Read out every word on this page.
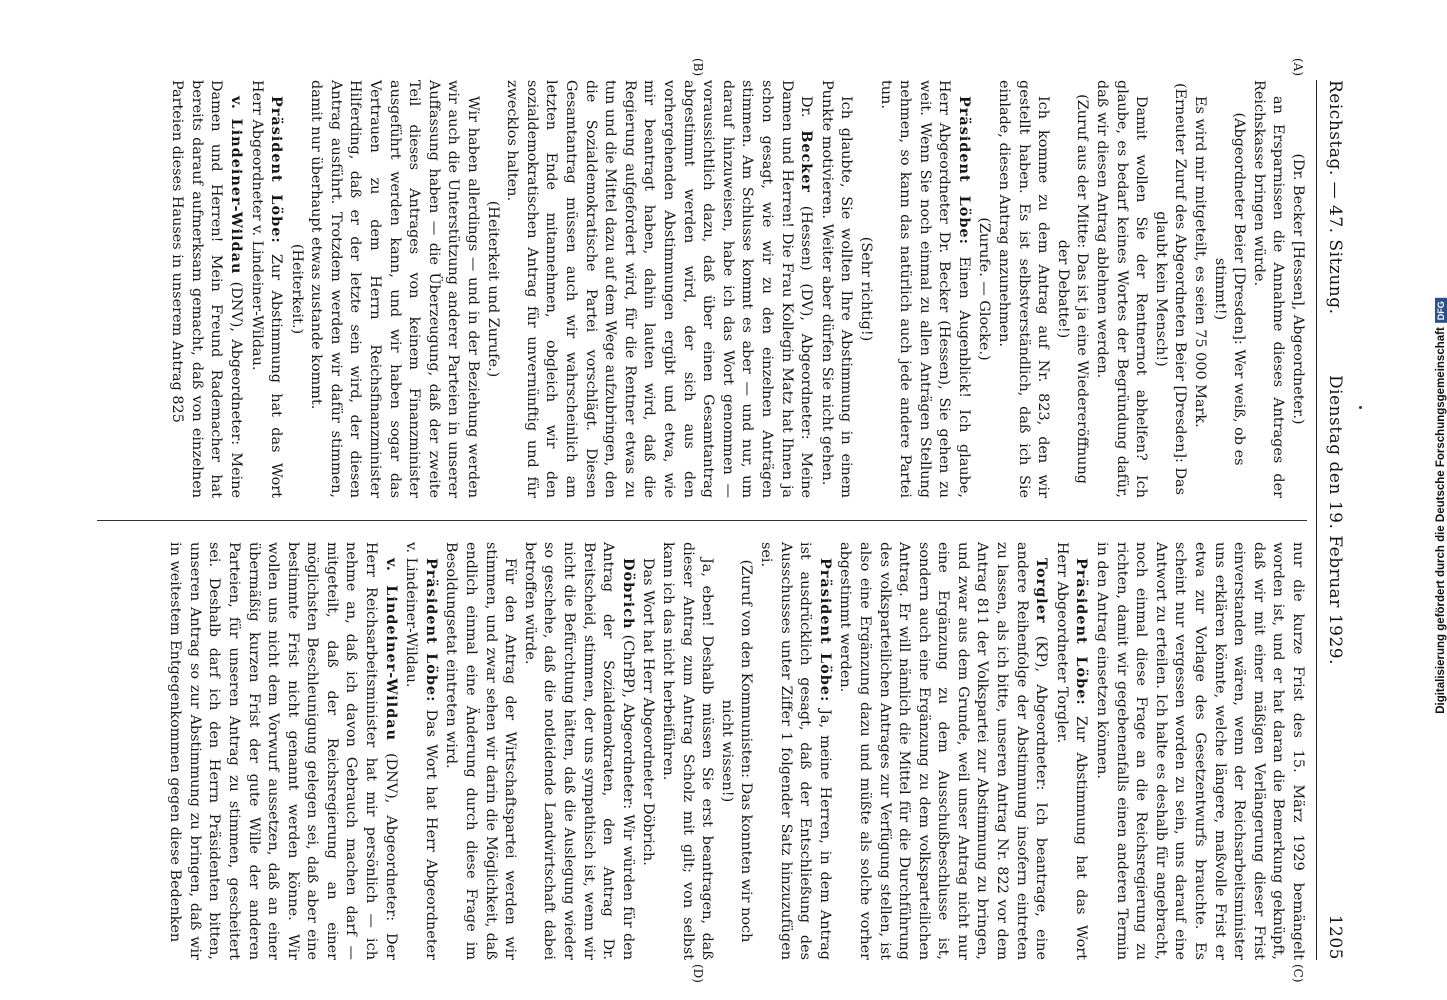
Reichstag. — 47. Sitzung.
Dienstag den 19. Februar 1929.
1205

(Dr. Becker [Hessen], Abgeordneter.)

an Ersparnissen die Annahme dieses Antrages der Reichskasse bringen würde.

(Abgeordneter Beier [Dresden]: Wer weiß, ob es stimmt!)

Es wird mir mitgeteilt, es seien 75 000 Mark.

(Erneuter Zuruf des Abgeordneten Beier [Dresden]: Das glaubt kein Mensch!)

Damit wollen Sie der Rentnernot abhelfen? Ich glaube, es bedarf keines Wortes der Begründung dafür, daß wir diesen Antrag ablehnen werden.

(Zuruf aus der Mitte: Das ist ja eine Wiedereröffnung der Debatte!)

Ich komme zu dem Antrag auf Nr. 823, den wir gestellt haben. Es ist selbstverständlich, daß ich Sie einlade, diesen Antrag anzunehmen.

(Zurufe. — Glocke.)

Präsident Löbe: Einen Augenblick! Ich glaube, Herr Abgeordneter Dr. Becker (Hessen), Sie gehen zu weit. Wenn Sie noch einmal zu allen Anträgen Stellung nehmen, so kann das natürlich auch jede andere Partei tun.

(Sehr richtig!)

Ich glaubte, Sie wollten Ihre Abstimmung in einem Punkte motivieren. Weiter aber dürfen Sie nicht gehen.

Dr. Becker (Hessen) (DV), Abgeordneter: Meine Damen und Herren! Die Frau Kollegin Matz hat Ihnen ja schon gesagt, wie wir zu den einzelnen Anträgen stimmen. Am Schlusse kommt es aber — und nur, um darauf hinzuweisen, habe ich das Wort genommen — voraussichtlich dazu, daß über einen Gesamtantrag abgestimmt werden wird, der sich aus den vorhergehenden Abstimmungen ergibt und etwa, wie mir beantragt haben, dahin lauten wird, daß die Regierung aufgefordert wird, für die Rentner etwas zu tun und die Mittel dazu auf dem Wege aufzubringen, den die Sozialdemokratische Partei vorschlägt. Diesen Gesamtantrag müssen auch wir wahrscheinlich am letzten Ende mitannehmen, obgleich wir den sozialdemokratischen Antrag für unvernünftig und für zwecklos halten.

(Heiterkeit und Zurufe.)

Wir haben allerdings — und in der Beziehung werden wir auch die Unterstützung anderer Parteien in unserer Auffassung haben — die Überzeugung, daß der zweite Teil dieses Antrages von keinem Finanzminister ausgeführt werden kann, und wir haben sogar das Vertrauen zu dem Herrn Reichsfinanzminister Hilferding, daß er der letzte sein wird, der diesen Antrag ausführt. Trotzdem werden wir dafür stimmen, damit nur überhaupt etwas zustande kommt.

(Heiterkeit.)

Präsident Löbe: Zur Abstimmung hat das Wort Herr Abgeordneter v. Lindeiner-Wildau.

v. Lindeiner-Wildau (DNV), Abgeordneter: Meine Damen und Herren! Mein Freund Rademacher hat bereits darauf aufmerksam gemacht, daß von einzelnen Parteien dieses Hauses in unserem Antrag 825

nur die kurze Frist des 15. März 1929 bemängelt worden ist, und er hat daran die Bemerkung geknüpft, daß wir mit einer mäßigen Verlängerung dieser Frist einverstanden wären, wenn der Reichsarbeitsminister uns erklären könnte, welche längere, maßvolle Frist er etwa zur Vorlage des Gesetzentwurfs brauchte. Es scheint nur vergessen worden zu sein, uns darauf eine Antwort zu erteilen. Ich halte es deshalb für angebracht, noch einmal diese Frage an die Reichsregierung zu richten, damit wir gegebenenfalls einen anderen Termin in den Antrag einsetzen können.

Präsident Löbe: Zur Abstimmung hat das Wort Herr Abgeordneter Torgler.

Torgler (KP), Abgeordneter: Ich beantrage, eine andere Reihenfolge der Abstimmung insofern eintreten zu lassen, als ich bitte, unseren Antrag Nr. 822 vor dem Antrag 811 der Volkspartei zur Abstimmung zu bringen, und zwar aus dem Grunde, weil unser Antrag nicht nur eine Ergänzung zu dem Ausschußbeschlusse ist, sondern auch eine Ergänzung zu dem volksparteilichen Antrag. Er will nämlich die Mittel für die Durchführung des volksparteilichen Antrages zur Verfügung stellen, ist also eine Ergänzung dazu und müßte als solche vorher abgestimmt werden.

Präsident Löbe: Ja, meine Herren, in dem Antrag ist ausdrücklich gesagt, daß der Entschließung des Ausschusses unter Ziffer 1 folgender Satz hinzuzufügen sei.

(Zuruf von den Kommunisten: Das konnten wir noch nicht wissen!)

Ja, eben! Deshalb müssen Sie erst beantragen, daß dieser Antrag zum Antrag Scholz mit gilt; von selbst kann ich das nicht herbeiführen.

Das Wort hat Herr Abgeordneter Döbrich.

Döbrich (ChrBP), Abgeordneter: Wir würden für den Antrag der Sozialdemokraten, den Antrag Dr. Breitscheid, stimmen, der uns sympathisch ist, wenn wir nicht die Befürchtung hätten, daß die Auslegung wieder so geschehe, daß die notleidende Landwirtschaft dabei betroffen würde.

Für den Antrag der Wirtschaftspartei werden wir stimmen, und zwar sehen wir darin die Möglichkeit, daß endlich einmal eine Änderung durch diese Frage im Besoldungsetat eintreten wird.

Präsident Löbe: Das Wort hat Herr Abgeordneter v. Lindeiner-Wildau.

v. Lindeiner-Wildau (DNV), Abgeordneter: Der Herr Reichsarbeitsminister hat mir persönlich — ich nehme an, daß ich davon Gebrauch machen darf — mitgeteilt, daß der Reichsregierung an einer möglichsten Beschleunigung gelegen sei, daß aber eine bestimmte Frist nicht genannt werden könne. Wir wollen uns nicht dem Vorwurf aussetzen, daß an einer übermäßig kurzen Frist der gute Wille der anderen Parteien, für unseren Antrag zu stimmen, gescheitert sei. Deshalb darf ich den Herrn Präsidenten bitten, unseren Antrag so zur Abstimmung zu bringen, daß wir in weitestem Entgegenkommen gegen diese Bedenken

(A)
(B)
(C)
(D)
Digitalisierung gefördert durch die Deutsche Forschungsgemeinschaft
DFG
